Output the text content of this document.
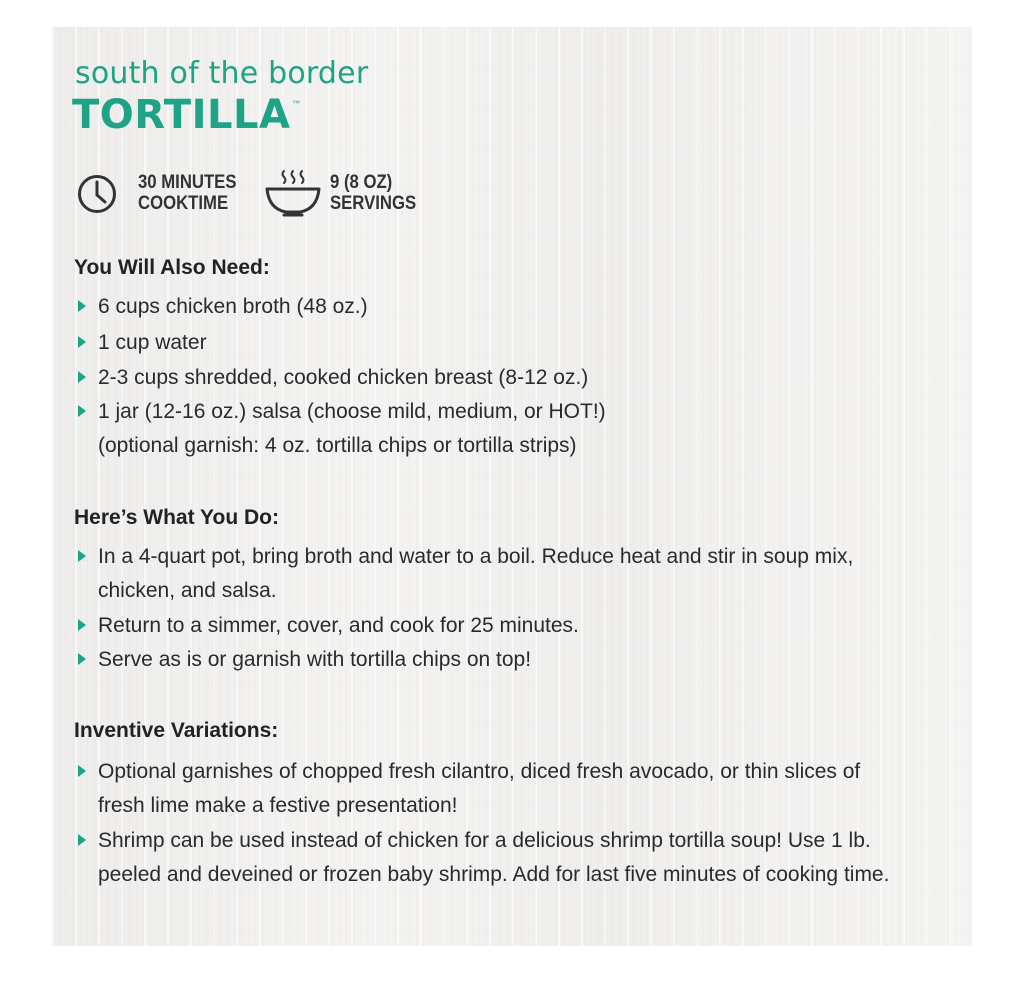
south of the border
TORTILLA™
30 MINUTES
COOKTIME
9 (8 OZ)
SERVINGS
You Will Also Need:
6 cups chicken broth (48 oz.)
1 cup water
2-3 cups shredded, cooked chicken breast (8-12 oz.)
1 jar (12-16 oz.) salsa (choose mild, medium, or HOT!)
(optional garnish: 4 oz. tortilla chips or tortilla strips)
Here’s What You Do:
In a 4-quart pot, bring broth and water to a boil. Reduce heat and stir in soup mix,
chicken, and salsa.
Return to a simmer, cover, and cook for 25 minutes.
Serve as is or garnish with tortilla chips on top!
Inventive Variations:
Optional garnishes of chopped fresh cilantro, diced fresh avocado, or thin slices of
fresh lime make a festive presentation!
Shrimp can be used instead of chicken for a delicious shrimp tortilla soup! Use 1 lb.
peeled and deveined or frozen baby shrimp. Add for last five minutes of cooking time.
